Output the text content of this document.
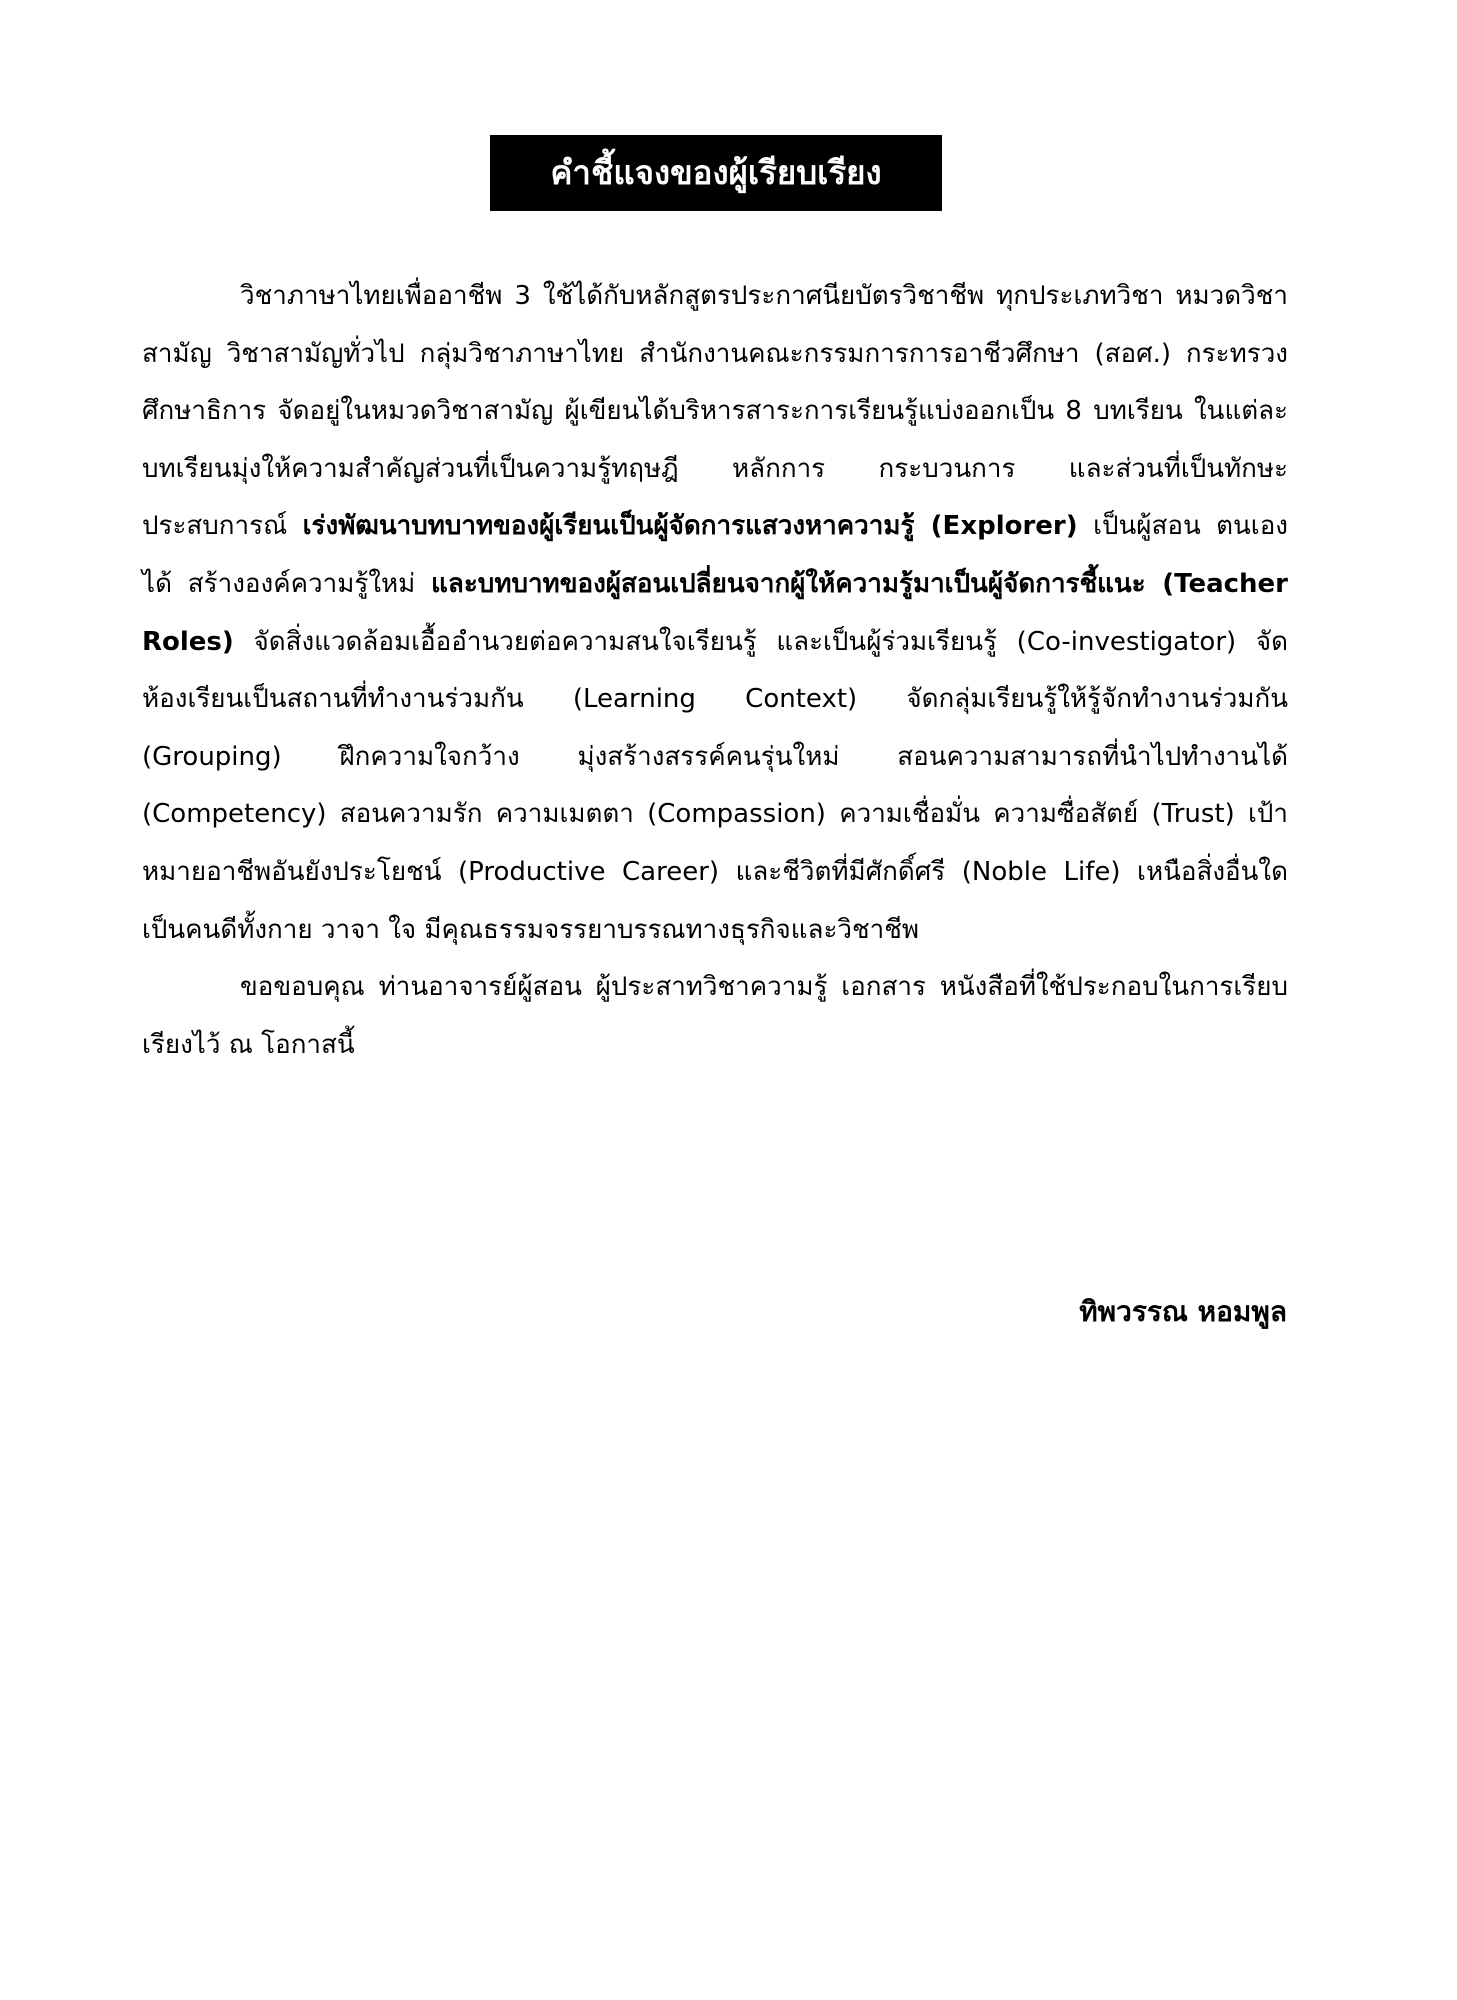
คำชี้แจงของผู้เรียบเรียง

วิชาภาษาไทยเพื่ออาชีพ 3 ใช้ได้กับหลักสูตรประกาศนียบัตรวิชาชีพ ทุกประเภทวิชา หมวดวิชาสามัญ วิชาสามัญทั่วไป กลุ่มวิชาภาษาไทย สำนักงานคณะกรรมการการอาชีวศึกษา (สอศ.) กระทรวงศึกษาธิการ จัดอยู่ในหมวดวิชาสามัญ ผู้เขียนได้บริหารสาระการเรียนรู้แบ่งออกเป็น 8 บทเรียน ในแต่ละบทเรียนมุ่งให้ความสำคัญส่วนที่เป็นความรู้ทฤษฎี หลักการ กระบวนการ และส่วนที่เป็นทักษะประสบการณ์ เร่งพัฒนาบทบาทของผู้เรียนเป็นผู้จัดการแสวงหาความรู้ (Explorer) เป็นผู้สอน ตนเองได้ สร้างองค์ความรู้ใหม่ และบทบาทของผู้สอนเปลี่ยนจากผู้ให้ความรู้มาเป็นผู้จัดการชี้แนะ (Teacher Roles) จัดสิ่งแวดล้อมเอื้ออำนวยต่อความสนใจเรียนรู้ และเป็นผู้ร่วมเรียนรู้ (Co-investigator) จัดห้องเรียนเป็นสถานที่ทำงานร่วมกัน (Learning Context) จัดกลุ่มเรียนรู้ให้รู้จักทำงานร่วมกัน (Grouping) ฝึกความใจกว้าง มุ่งสร้างสรรค์คนรุ่นใหม่ สอนความสามารถที่นำไปทำงานได้ (Competency) สอนความรัก ความเมตตา (Compassion) ความเชื่อมั่น ความซื่อสัตย์ (Trust) เป้าหมายอาชีพอันยังประโยชน์ (Productive Career) และชีวิตที่มีศักดิ์ศรี (Noble Life) เหนือสิ่งอื่นใด เป็นคนดีทั้งกาย วาจา ใจ มีคุณธรรมจรรยาบรรณทางธุรกิจและวิชาชีพ

ขอขอบคุณ ท่านอาจารย์ผู้สอน ผู้ประสาทวิชาความรู้ เอกสาร หนังสือที่ใช้ประกอบในการเรียบเรียงไว้ ณ โอกาสนี้

ทิพวรรณ หอมพูล
